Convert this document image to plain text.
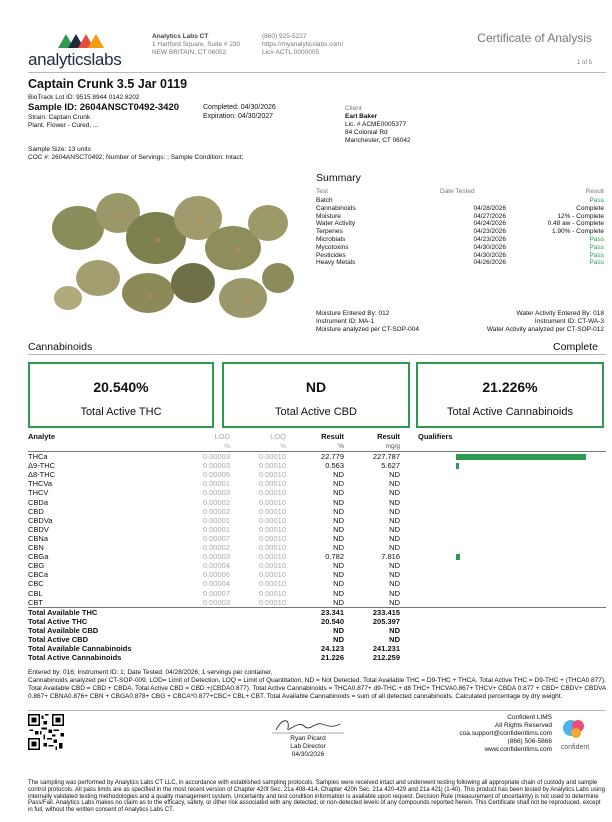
analyticslabs
Analytics Labs CT
1 Hartford Square, Suite # 230
NEW BRITAIN, CT 06052
(860) 925-5227
https://myanalyticslabs.com/
Lic# ACTL.0000005
Certificate of Analysis
1 of 5
Captain Crunk 3.5 Jar 0119
BioTrack Lot ID: 9515 8944 0142 8202
Sample ID: 2604ANSCT0492-3420	Completed: 04/30/2026
Expiration: 04/30/2027
Strain: Captain Crunk
Plant, Flower - Cured, ...
Client
Earl Baker
Lic. # ACME0005377
84 Colonial Rd
Manchester, CT 06042
Sample Size: 13 units
COC #: 2604ANSCT0492; Number of Servings: ; Sample Condition: Intact;
Summary
Test	Date Tested	Result
Batch		Pass
Cannabinoids	04/28/2026	Complete
Moisture	04/27/2026	12% - Complete
Water Activity	04/24/2026	0.48 aw - Complete
Terpenes	04/23/2026	1.90% - Complete
Microbials	04/23/2026	Pass
Mycotoxins	04/30/2026	Pass
Pesticides	04/30/2026	Pass
Heavy Metals	04/26/2026	Pass
Moisture Entered By: 012
Instrument ID: MA-1
Moisture analyzed per CT-SOP-004
Water Activity Entered By: 018
Instrument ID: CT-WA-3
Water Activity analyzed per CT-SOP-012
Cannabinoids	Complete
20.540%
Total Active THC
ND
Total Active CBD
21.226%
Total Active Cannabinoids
Analyte	LOD	LOQ	Result	Result	Qualifiers
	%	%	%	mg/g	
THCa	0.00003	0.00010	22.779	227.787	

Δ9-THC	0.00003	0.00010	0.563	5.627	

Δ8-THC	0.00005	0.00010	ND	ND	
THCVa	0.00001	0.00010	ND	ND	
THCV	0.00003	0.00010	ND	ND	
CBDa	0.00002	0.00010	ND	ND	
CBD	0.00002	0.00010	ND	ND	
CBDVa	0.00001	0.00010	ND	ND	
CBDV	0.00001	0.00010	ND	ND	
CBNa	0.00007	0.00010	ND	ND	
CBN	0.00002	0.00010	ND	ND	
CBGa	0.00003	0.00010	0.782	7.816	

CBG	0.00004	0.00010	ND	ND	
CBCa	0.00006	0.00010	ND	ND	
CBC	0.00004	0.00010	ND	ND	
CBL	0.00007	0.00010	ND	ND	
CBT	0.00003	0.00010	ND	ND	
Total Available THC			23.341	233.415	
Total Active THC			20.540	205.397	
Total Available CBD			ND	ND	
Total Active CBD			ND	ND	
Total Available Cannabinoids			24.123	241.231	
Total Active Cannabinoids			21.226	212.259	
Entered by: 016; Instrument ID: 1; Date Tested: 04/28/2026; 1 servings per container.
Cannabinoids analyzed per CT-SOP-009. LOD= Limit of Detection, LOQ = Limit of Quantitation, ND = Not Detected. Total Available THC = D9-THC + THCA. Total Active THC = D9-THC + (THCA0.877). Total Available CBD = CBD + CBDA. Total Active CBD = CBD +(CBDA0.877). Total Active Cannabinoids = THCA0.877+ d9-THC + d8 THC+ THCVA0.867+ THCV+ CBDA 0.877 + CBD+ CBDV+ CBDVA 0.867+ CBNA0.876+ CBN + CBGA0.878+ CBG + CBCA*0.877+CBC+ CBL+ CBT. Total Available Cannabinoids = sum of all detected cannabinoids. Calculated percentage by dry weight.
Ryan Picard
Lab Director
04/30/2026
Confident LIMS
All Rights Reserved
coa.support@confidentlims.com
(866) 506-5866
www.confidentlims.com confident
The sampling was performed by Analytics Labs CT LLC, in accordance with established sampling protocols. Samples were received intact and underwent testing following all appropriate chain of custody and sample control protocols. All pass limits are as specified in the most recent version of Chapter 420f Sec. 21a 408-414, Chapter 420h Sec. 21a 420-429 and 21a 421j (1-40). This product has been tested by Analytics Labs using internally validated testing methodologies and a quality management system. Uncertainty and test condition information is available upon request. Decision Rule (measurement of uncertainty) is not used to determine Pass/Fail. Analytics Labs makes no claim as to the efficacy, safety, or other risk associated with any detected, or non-detected levels of any compounds reported herein. This Certificate shall not be reproduced, except in full, without the written consent of Analytics Labs CT.
